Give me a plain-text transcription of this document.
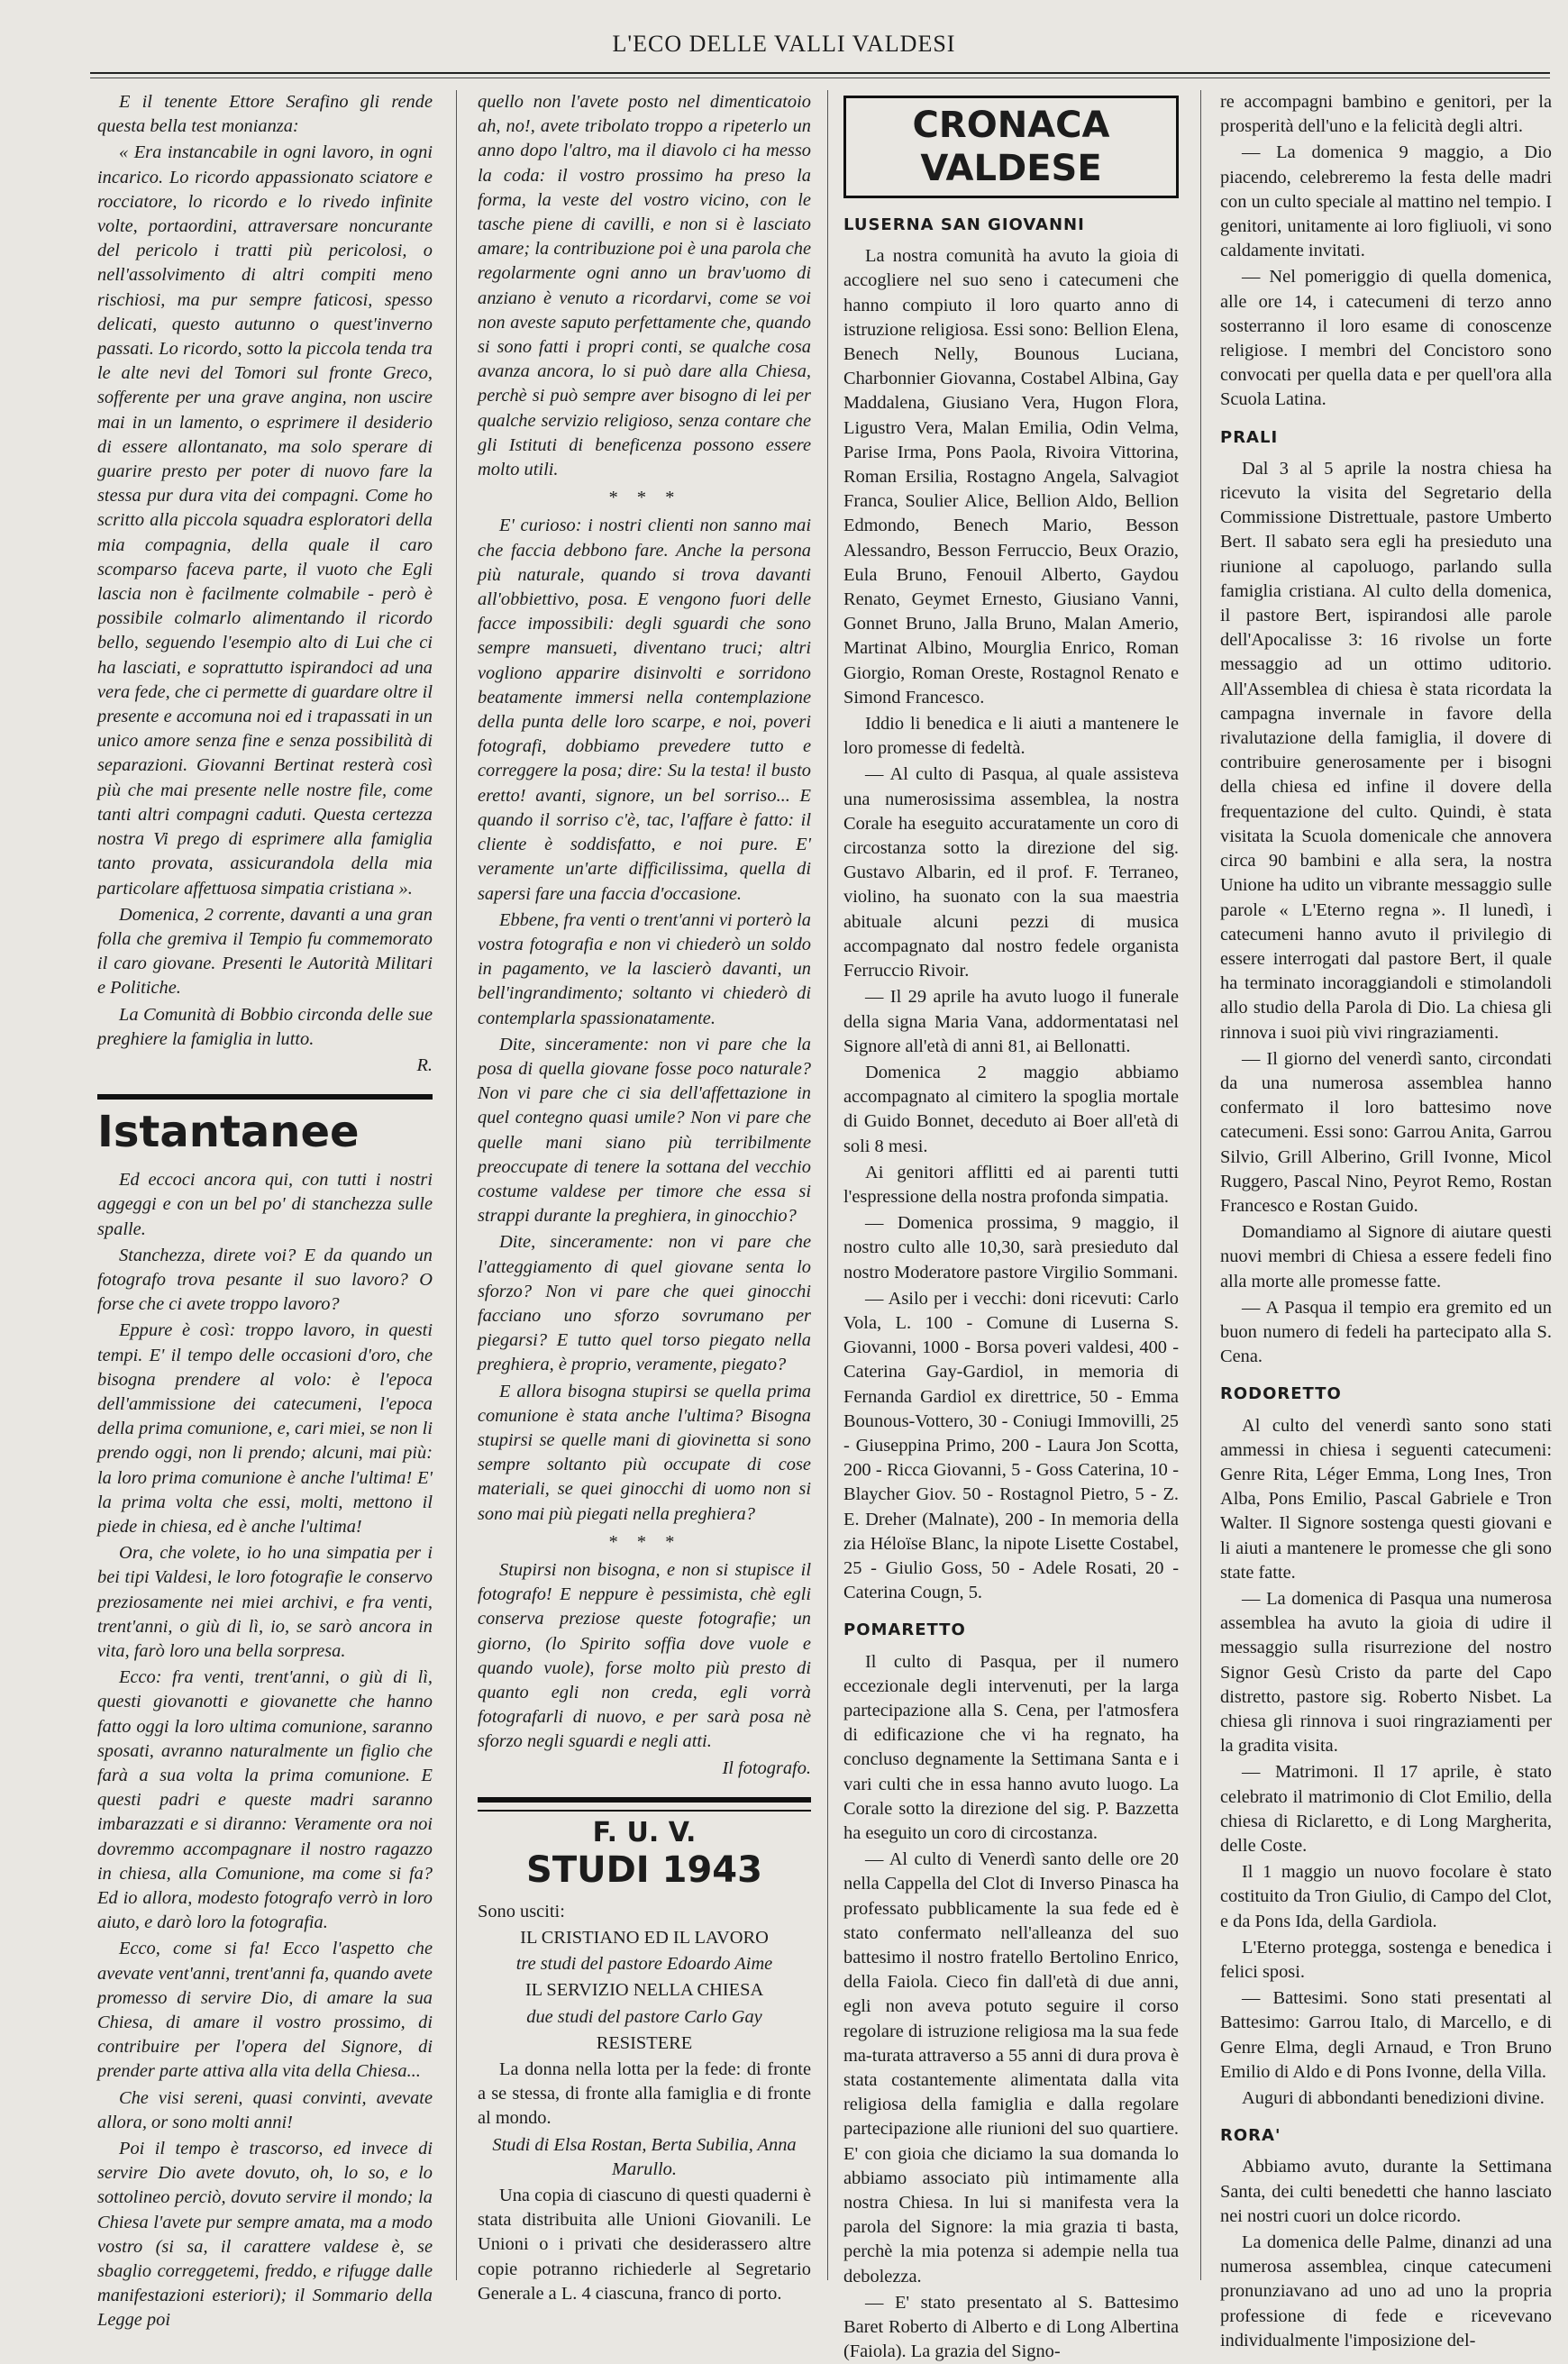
L'ECO DELLE VALLI VALDESI

E il tenente Ettore Serafino gli rende questa bella test monianza:

« Era instancabile in ogni lavoro, in ogni incarico. Lo ricordo appassionato sciatore e rocciatore, lo ricordo e lo rivedo infinite volte, portaordini, attraversare noncurante del pericolo i tratti più pericolosi, o nell'assolvimento di altri compiti meno rischiosi, ma pur sempre faticosi, spesso delicati, questo autunno o quest'inverno passati. Lo ricordo, sotto la piccola tenda tra le alte nevi del Tomori sul fronte Greco, sofferente per una grave angina, non uscire mai in un lamento, o esprimere il desiderio di essere allontanato, ma solo sperare di guarire presto per poter di nuovo fare la stessa pur dura vita dei compagni. Come ho scritto alla piccola squadra esploratori della mia compagnia, della quale il caro scomparso faceva parte, il vuoto che Egli lascia non è facilmente colmabile - però è possibile colmarlo alimentando il ricordo bello, seguendo l'esempio alto di Lui che ci ha lasciati, e soprattutto ispirandoci ad una vera fede, che ci permette di guardare oltre il presente e accomuna noi ed i trapassati in un unico amore senza fine e senza possibilità di separazioni. Giovanni Bertinat resterà così più che mai presente nelle nostre file, come tanti altri compagni caduti. Questa certezza nostra Vi prego di esprimere alla famiglia tanto provata, assicurandola della mia particolare affettuosa simpatia cristiana ».

Domenica, 2 corrente, davanti a una gran folla che gremiva il Tempio fu commemorato il caro giovane. Presenti le Autorità Militari e Politiche.

La Comunità di Bobbio circonda delle sue preghiere la famiglia in lutto.

R.

Istantanee

Ed eccoci ancora qui, con tutti i nostri aggeggi e con un bel po' di stanchezza sulle spalle.

Stanchezza, direte voi? E da quando un fotografo trova pesante il suo lavoro? O forse che ci avete troppo lavoro?

Eppure è così: troppo lavoro, in questi tempi. E' il tempo delle occasioni d'oro, che bisogna prendere al volo: è l'epoca dell'ammissione dei catecumeni, l'epoca della prima comunione, e, cari miei, se non li prendo oggi, non li prendo; alcuni, mai più: la loro prima comunione è anche l'ultima! E' la prima volta che essi, molti, mettono il piede in chiesa, ed è anche l'ultima!

Ora, che volete, io ho una simpatia per i bei tipi Valdesi, le loro fotografie le conservo preziosamente nei miei archivi, e fra venti, trent'anni, o giù di lì, io, se sarò ancora in vita, farò loro una bella sorpresa.

Ecco: fra venti, trent'anni, o giù di lì, questi giovanotti e giovanette che hanno fatto oggi la loro ultima comunione, saranno sposati, avranno naturalmente un figlio che farà a sua volta la prima comunione. E questi padri e queste madri saranno imbarazzati e si diranno: Veramente ora noi dovremmo accompagnare il nostro ragazzo in chiesa, alla Comunione, ma come si fa? Ed io allora, modesto fotografo verrò in loro aiuto, e darò loro la fotografia.

Ecco, come si fa! Ecco l'aspetto che avevate vent'anni, trent'anni fa, quando avete promesso di servire Dio, di amare la sua Chiesa, di amare il vostro prossimo, di contribuire per l'opera del Signore, di prender parte attiva alla vita della Chiesa...

Che visi sereni, quasi convinti, avevate allora, or sono molti anni!

Poi il tempo è trascorso, ed invece di servire Dio avete dovuto, oh, lo so, e lo sottolineo perciò, dovuto servire il mondo; la Chiesa l'avete pur sempre amata, ma a modo vostro (si sa, il carattere valdese è, se sbaglio correggetemi, freddo, e rifugge dalle manifestazioni esteriori); il Sommario della Legge poi

quello non l'avete posto nel dimenticatoio ah, no!, avete tribolato troppo a ripeterlo un anno dopo l'altro, ma il diavolo ci ha messo la coda: il vostro prossimo ha preso la forma, la veste del vostro vicino, con le tasche piene di cavilli, e non si è lasciato amare; la contribuzione poi è una parola che regolarmente ogni anno un brav'uomo di anziano è venuto a ricordarvi, come se voi non aveste saputo perfettamente che, quando si sono fatti i propri conti, se qualche cosa avanza ancora, lo si può dare alla Chiesa, perchè si può sempre aver bisogno di lei per qualche servizio religioso, senza contare che gli Istituti di beneficenza possono essere molto utili.

* * *

E' curioso: i nostri clienti non sanno mai che faccia debbono fare. Anche la persona più naturale, quando si trova davanti all'obbiettivo, posa. E vengono fuori delle facce impossibili: degli sguardi che sono sempre mansueti, diventano truci; altri vogliono apparire disinvolti e sorridono beatamente immersi nella contemplazione della punta delle loro scarpe, e noi, poveri fotografi, dobbiamo prevedere tutto e correggere la posa; dire: Su la testa! il busto eretto! avanti, signore, un bel sorriso... E quando il sorriso c'è, tac, l'affare è fatto: il cliente è soddisfatto, e noi pure. E' veramente un'arte difficilissima, quella di sapersi fare una faccia d'occasione.

Ebbene, fra venti o trent'anni vi porterò la vostra fotografia e non vi chiederò un soldo in pagamento, ve la lascierò davanti, un bell'ingrandimento; soltanto vi chiederò di contemplarla spassionatamente.

Dite, sinceramente: non vi pare che la posa di quella giovane fosse poco naturale? Non vi pare che ci sia dell'affettazione in quel contegno quasi umile? Non vi pare che quelle mani siano più terribilmente preoccupate di tenere la sottana del vecchio costume valdese per timore che essa si strappi durante la preghiera, in ginocchio?

Dite, sinceramente: non vi pare che l'atteggiamento di quel giovane senta lo sforzo? Non vi pare che quei ginocchi facciano uno sforzo sovrumano per piegarsi? E tutto quel torso piegato nella preghiera, è proprio, veramente, piegato?

E allora bisogna stupirsi se quella prima comunione è stata anche l'ultima? Bisogna stupirsi se quelle mani di giovinetta si sono sempre soltanto più occupate di cose materiali, se quei ginocchi di uomo non si sono mai più piegati nella preghiera?

* * *

Stupirsi non bisogna, e non si stupisce il fotografo! E neppure è pessimista, chè egli conserva preziose queste fotografie; un giorno, (lo Spirito soffia dove vuole e quando vuole), forse molto più presto di quanto egli non creda, egli vorrà fotografarli di nuovo, e per sarà posa nè sforzo negli sguardi e negli atti.

Il fotografo.

F. U. V.
STUDI 1943

Sono usciti:

IL CRISTIANO ED IL LAVORO

tre studi del pastore Edoardo Aime

IL SERVIZIO NELLA CHIESA

due studi del pastore Carlo Gay

RESISTERE

La donna nella lotta per la fede: di fronte a se stessa, di fronte alla famiglia e di fronte al mondo.

Studi di Elsa Rostan, Berta Subilia, Anna Marullo.

Una copia di ciascuno di questi quaderni è stata distribuita alle Unioni Giovanili. Le Unioni o i privati che desiderassero altre copie potranno richiederle al Segretario Generale a L. 4 ciascuna, franco di porto.

CRONACA VALDESE
LUSERNA SAN GIOVANNI

La nostra comunità ha avuto la gioia di accogliere nel suo seno i catecumeni che hanno compiuto il loro quarto anno di istruzione religiosa. Essi sono: Bellion Elena, Benech Nelly, Bounous Luciana, Charbonnier Giovanna, Costabel Albina, Gay Maddalena, Giusiano Vera, Hugon Flora, Ligustro Vera, Malan Emilia, Odin Velma, Parise Irma, Pons Paola, Rivoira Vittorina, Roman Ersilia, Rostagno Angela, Salvagiot Franca, Soulier Alice, Bellion Aldo, Bellion Edmondo, Benech Mario, Besson Alessandro, Besson Ferruccio, Beux Orazio, Eula Bruno, Fenouil Alberto, Gaydou Renato, Geymet Ernesto, Giusiano Vanni, Gonnet Bruno, Jalla Bruno, Malan Amerio, Martinat Albino, Mourglia Enrico, Roman Giorgio, Roman Oreste, Rostagnol Renato e Simond Francesco.

Iddio li benedica e li aiuti a mantenere le loro promesse di fedeltà.

— Al culto di Pasqua, al quale assisteva una numerosissima assemblea, la nostra Corale ha eseguito accuratamente un coro di circostanza sotto la direzione del sig. Gustavo Albarin, ed il prof. F. Terraneo, violino, ha suonato con la sua maestria abituale alcuni pezzi di musica accompagnato dal nostro fedele organista Ferruccio Rivoir.

— Il 29 aprile ha avuto luogo il funerale della signa Maria Vana, addormentatasi nel Signore all'età di anni 81, ai Bellonatti.

Domenica 2 maggio abbiamo accompagnato al cimitero la spoglia mortale di Guido Bonnet, deceduto ai Boer all'età di soli 8 mesi.

Ai genitori afflitti ed ai parenti tutti l'espressione della nostra profonda simpatia.

— Domenica prossima, 9 maggio, il nostro culto alle 10,30, sarà presieduto dal nostro Moderatore pastore Virgilio Sommani.

— Asilo per i vecchi: doni ricevuti: Carlo Vola, L. 100 - Comune di Luserna S. Giovanni, 1000 - Borsa poveri valdesi, 400 - Caterina Gay-Gardiol, in memoria di Fernanda Gardiol ex direttrice, 50 - Emma Bounous-Vottero, 30 - Coniugi Immovilli, 25 - Giuseppina Primo, 200 - Laura Jon Scotta, 200 - Ricca Giovanni, 5 - Goss Caterina, 10 - Blaycher Giov. 50 - Rostagnol Pietro, 5 - Z. E. Dreher (Malnate), 200 - In memoria della zia Héloïse Blanc, la nipote Lisette Costabel, 25 - Giulio Goss, 50 - Adele Rosati, 20 - Caterina Cougn, 5.

POMARETTO

Il culto di Pasqua, per il numero eccezionale degli intervenuti, per la larga partecipazione alla S. Cena, per l'atmosfera di edificazione che vi ha regnato, ha concluso degnamente la Settimana Santa e i vari culti che in essa hanno avuto luogo. La Corale sotto la direzione del sig. P. Bazzetta ha eseguito un coro di circostanza.

— Al culto di Venerdì santo delle ore 20 nella Cappella del Clot di Inverso Pinasca ha professato pubblicamente la sua fede ed è stato confermato nell'alleanza del suo battesimo il nostro fratello Bertolino Enrico, della Faiola. Cieco fin dall'età di due anni, egli non aveva potuto seguire il corso regolare di istruzione religiosa ma la sua fede ma-turata attraverso a 55 anni di dura prova è stata costantemente alimentata dalla vita religiosa della famiglia e dalla regolare partecipazione alle riunioni del suo quartiere. E' con gioia che diciamo la sua domanda lo abbiamo associato più intimamente alla nostra Chiesa. In lui si manifesta vera la parola del Signore: la mia grazia ti basta, perchè la mia potenza si adempie nella tua debolezza.

— E' stato presentato al S. Battesimo Baret Roberto di Alberto e di Long Albertina (Faiola). La grazia del Signo-

re accompagni bambino e genitori, per la prosperità dell'uno e la felicità degli altri.

— La domenica 9 maggio, a Dio piacendo, celebreremo la festa delle madri con un culto speciale al mattino nel tempio. I genitori, unitamente ai loro figliuoli, vi sono caldamente invitati.

— Nel pomeriggio di quella domenica, alle ore 14, i catecumeni di terzo anno sosterranno il loro esame di conoscenze religiose. I membri del Concistoro sono convocati per quella data e per quell'ora alla Scuola Latina.

PRALI

Dal 3 al 5 aprile la nostra chiesa ha ricevuto la visita del Segretario della Commissione Distrettuale, pastore Umberto Bert. Il sabato sera egli ha presieduto una riunione al capoluogo, parlando sulla famiglia cristiana. Al culto della domenica, il pastore Bert, ispirandosi alle parole dell'Apocalisse 3: 16 rivolse un forte messaggio ad un ottimo uditorio. All'Assemblea di chiesa è stata ricordata la campagna invernale in favore della rivalutazione della famiglia, il dovere di contribuire generosamente per i bisogni della chiesa ed infine il dovere della frequentazione del culto. Quindi, è stata visitata la Scuola domenicale che annovera circa 90 bambini e alla sera, la nostra Unione ha udito un vibrante messaggio sulle parole « L'Eterno regna ». Il lunedì, i catecumeni hanno avuto il privilegio di essere interrogati dal pastore Bert, il quale ha terminato incoraggiandoli e stimolandoli allo studio della Parola di Dio. La chiesa gli rinnova i suoi più vivi ringraziamenti.

— Il giorno del venerdì santo, circondati da una numerosa assemblea hanno confermato il loro battesimo nove catecumeni. Essi sono: Garrou Anita, Garrou Silvio, Grill Alberino, Grill Ivonne, Micol Ruggero, Pascal Nino, Peyrot Remo, Rostan Francesco e Rostan Guido.

Domandiamo al Signore di aiutare questi nuovi membri di Chiesa a essere fedeli fino alla morte alle promesse fatte.

— A Pasqua il tempio era gremito ed un buon numero di fedeli ha partecipato alla S. Cena.

RODORETTO

Al culto del venerdì santo sono stati ammessi in chiesa i seguenti catecumeni: Genre Rita, Léger Emma, Long Ines, Tron Alba, Pons Emilio, Pascal Gabriele e Tron Walter. Il Signore sostenga questi giovani e li aiuti a mantenere le promesse che gli sono state fatte.

— La domenica di Pasqua una numerosa assemblea ha avuto la gioia di udire il messaggio sulla risurrezione del nostro Signor Gesù Cristo da parte del Capo distretto, pastore sig. Roberto Nisbet. La chiesa gli rinnova i suoi ringraziamenti per la gradita visita.

— Matrimoni. Il 17 aprile, è stato celebrato il matrimonio di Clot Emilio, della chiesa di Riclaretto, e di Long Margherita, delle Coste.

Il 1 maggio un nuovo focolare è stato costituito da Tron Giulio, di Campo del Clot, e da Pons Ida, della Gardiola.

L'Eterno protegga, sostenga e benedica i felici sposi.

— Battesimi. Sono stati presentati al Battesimo: Garrou Italo, di Marcello, e di Genre Elma, degli Arnaud, e Tron Bruno Emilio di Aldo e di Pons Ivonne, della Villa.

Auguri di abbondanti benedizioni divine.

RORA'

Abbiamo avuto, durante la Settimana Santa, dei culti benedetti che hanno lasciato nei nostri cuori un dolce ricordo.

La domenica delle Palme, dinanzi ad una numerosa assemblea, cinque catecumeni pronunziavano ad uno ad uno la propria professione di fede e ricevevano individualmente l'imposizione del-
